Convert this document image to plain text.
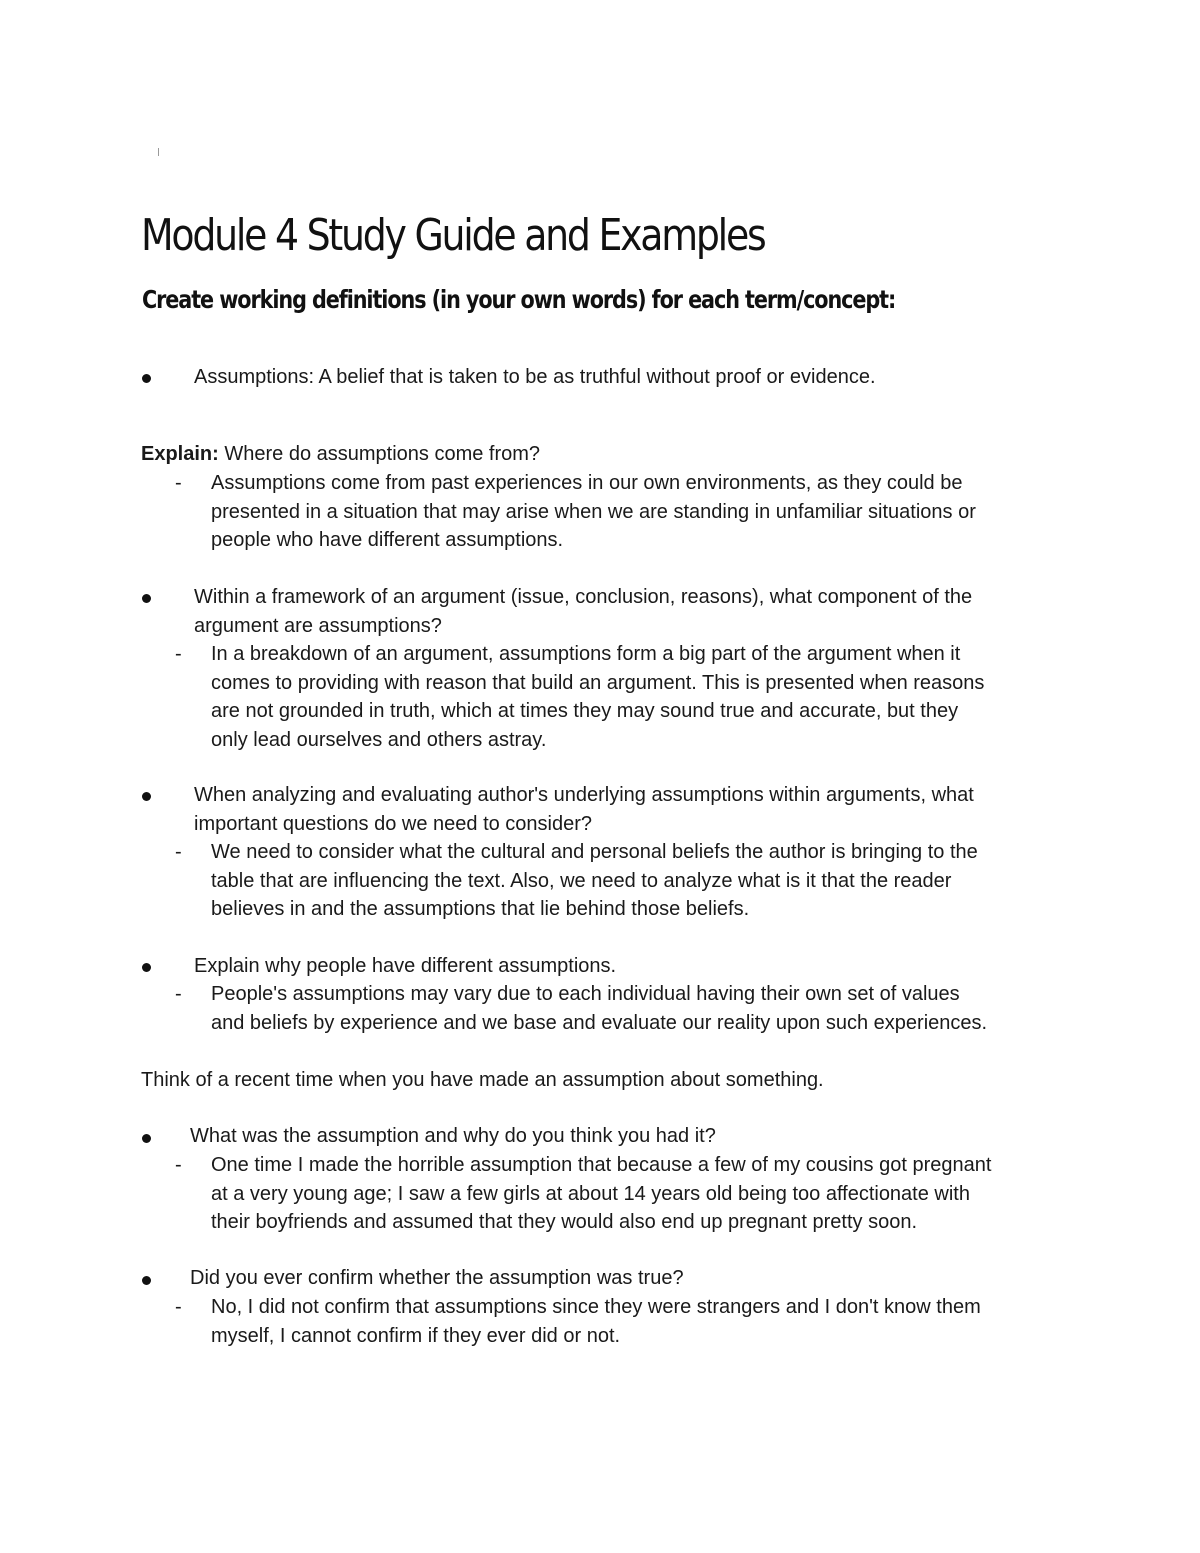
Module 4 Study Guide and Examples
Create working definitions (in your own words) for each term/concept:
Assumptions: A belief that is taken to be as truthful without proof or evidence.
Explain: Where do assumptions come from?
- Assumptions come from past experiences in our own environments, as they could be
presented in a situation that may arise when we are standing in unfamiliar situations or
people who have different assumptions.
Within a framework of an argument (issue, conclusion, reasons), what component of the
argument are assumptions?
- In a breakdown of an argument, assumptions form a big part of the argument when it
comes to providing with reason that build an argument. This is presented when reasons
are not grounded in truth, which at times they may sound true and accurate, but they
only lead ourselves and others astray.
When analyzing and evaluating author's underlying assumptions within arguments, what
important questions do we need to consider?
- We need to consider what the cultural and personal beliefs the author is bringing to the
table that are influencing the text. Also, we need to analyze what is it that the reader
believes in and the assumptions that lie behind those beliefs.
Explain why people have different assumptions.
- People's assumptions may vary due to each individual having their own set of values
and beliefs by experience and we base and evaluate our reality upon such experiences.
Think of a recent time when you have made an assumption about something.
What was the assumption and why do you think you had it?
- One time I made the horrible assumption that because a few of my cousins got pregnant
at a very young age; I saw a few girls at about 14 years old being too affectionate with
their boyfriends and assumed that they would also end up pregnant pretty soon.
Did you ever confirm whether the assumption was true?
- No, I did not confirm that assumptions since they were strangers and I don't know them
myself, I cannot confirm if they ever did or not.
